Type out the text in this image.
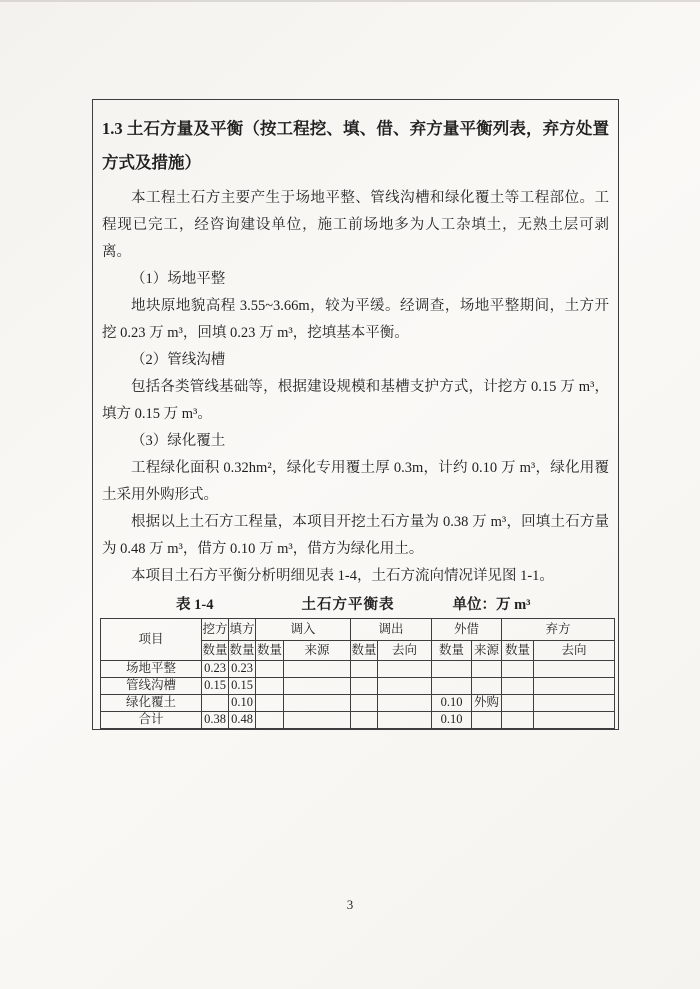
1.3 土石方量及平衡（按工程挖、填、借、弃方量平衡列表，弃方处置方式及措施）

本工程土石方主要产生于场地平整、管线沟槽和绿化覆土等工程部位。工程现已完工，经咨询建设单位，施工前场地多为人工杂填土，无熟土层可剥离。

（1）场地平整

地块原地貌高程 3.55~3.66m，较为平缓。经调查，场地平整期间，土方开挖 0.23 万 m³，回填 0.23 万 m³，挖填基本平衡。

（2）管线沟槽

包括各类管线基础等，根据建设规模和基槽支护方式，计挖方 0.15 万 m³，填方 0.15 万 m³。

（3）绿化覆土

工程绿化面积 0.32hm²，绿化专用覆土厚 0.3m，计约 0.10 万 m³，绿化用覆土采用外购形式。

根据以上土石方工程量，本项目开挖土石方量为 0.38 万 m³，回填土石方量为 0.48 万 m³，借方 0.10 万 m³，借方为绿化用土。

本项目土石方平衡分析明细见表 1-4，土石方流向情况详见图 1-1。

表 1-4	土石方平衡表	单位：万 m³
项目	挖方	填方	调入		调出		外借		弃方	
	数量	数量	数量	来源	数量	去向	数量	来源	数量	去向
场地平整	0.23	0.23								
管线沟槽	0.15	0.15								
绿化覆土		0.10					0.10	外购		
合计	0.38	0.48					0.10			
3
